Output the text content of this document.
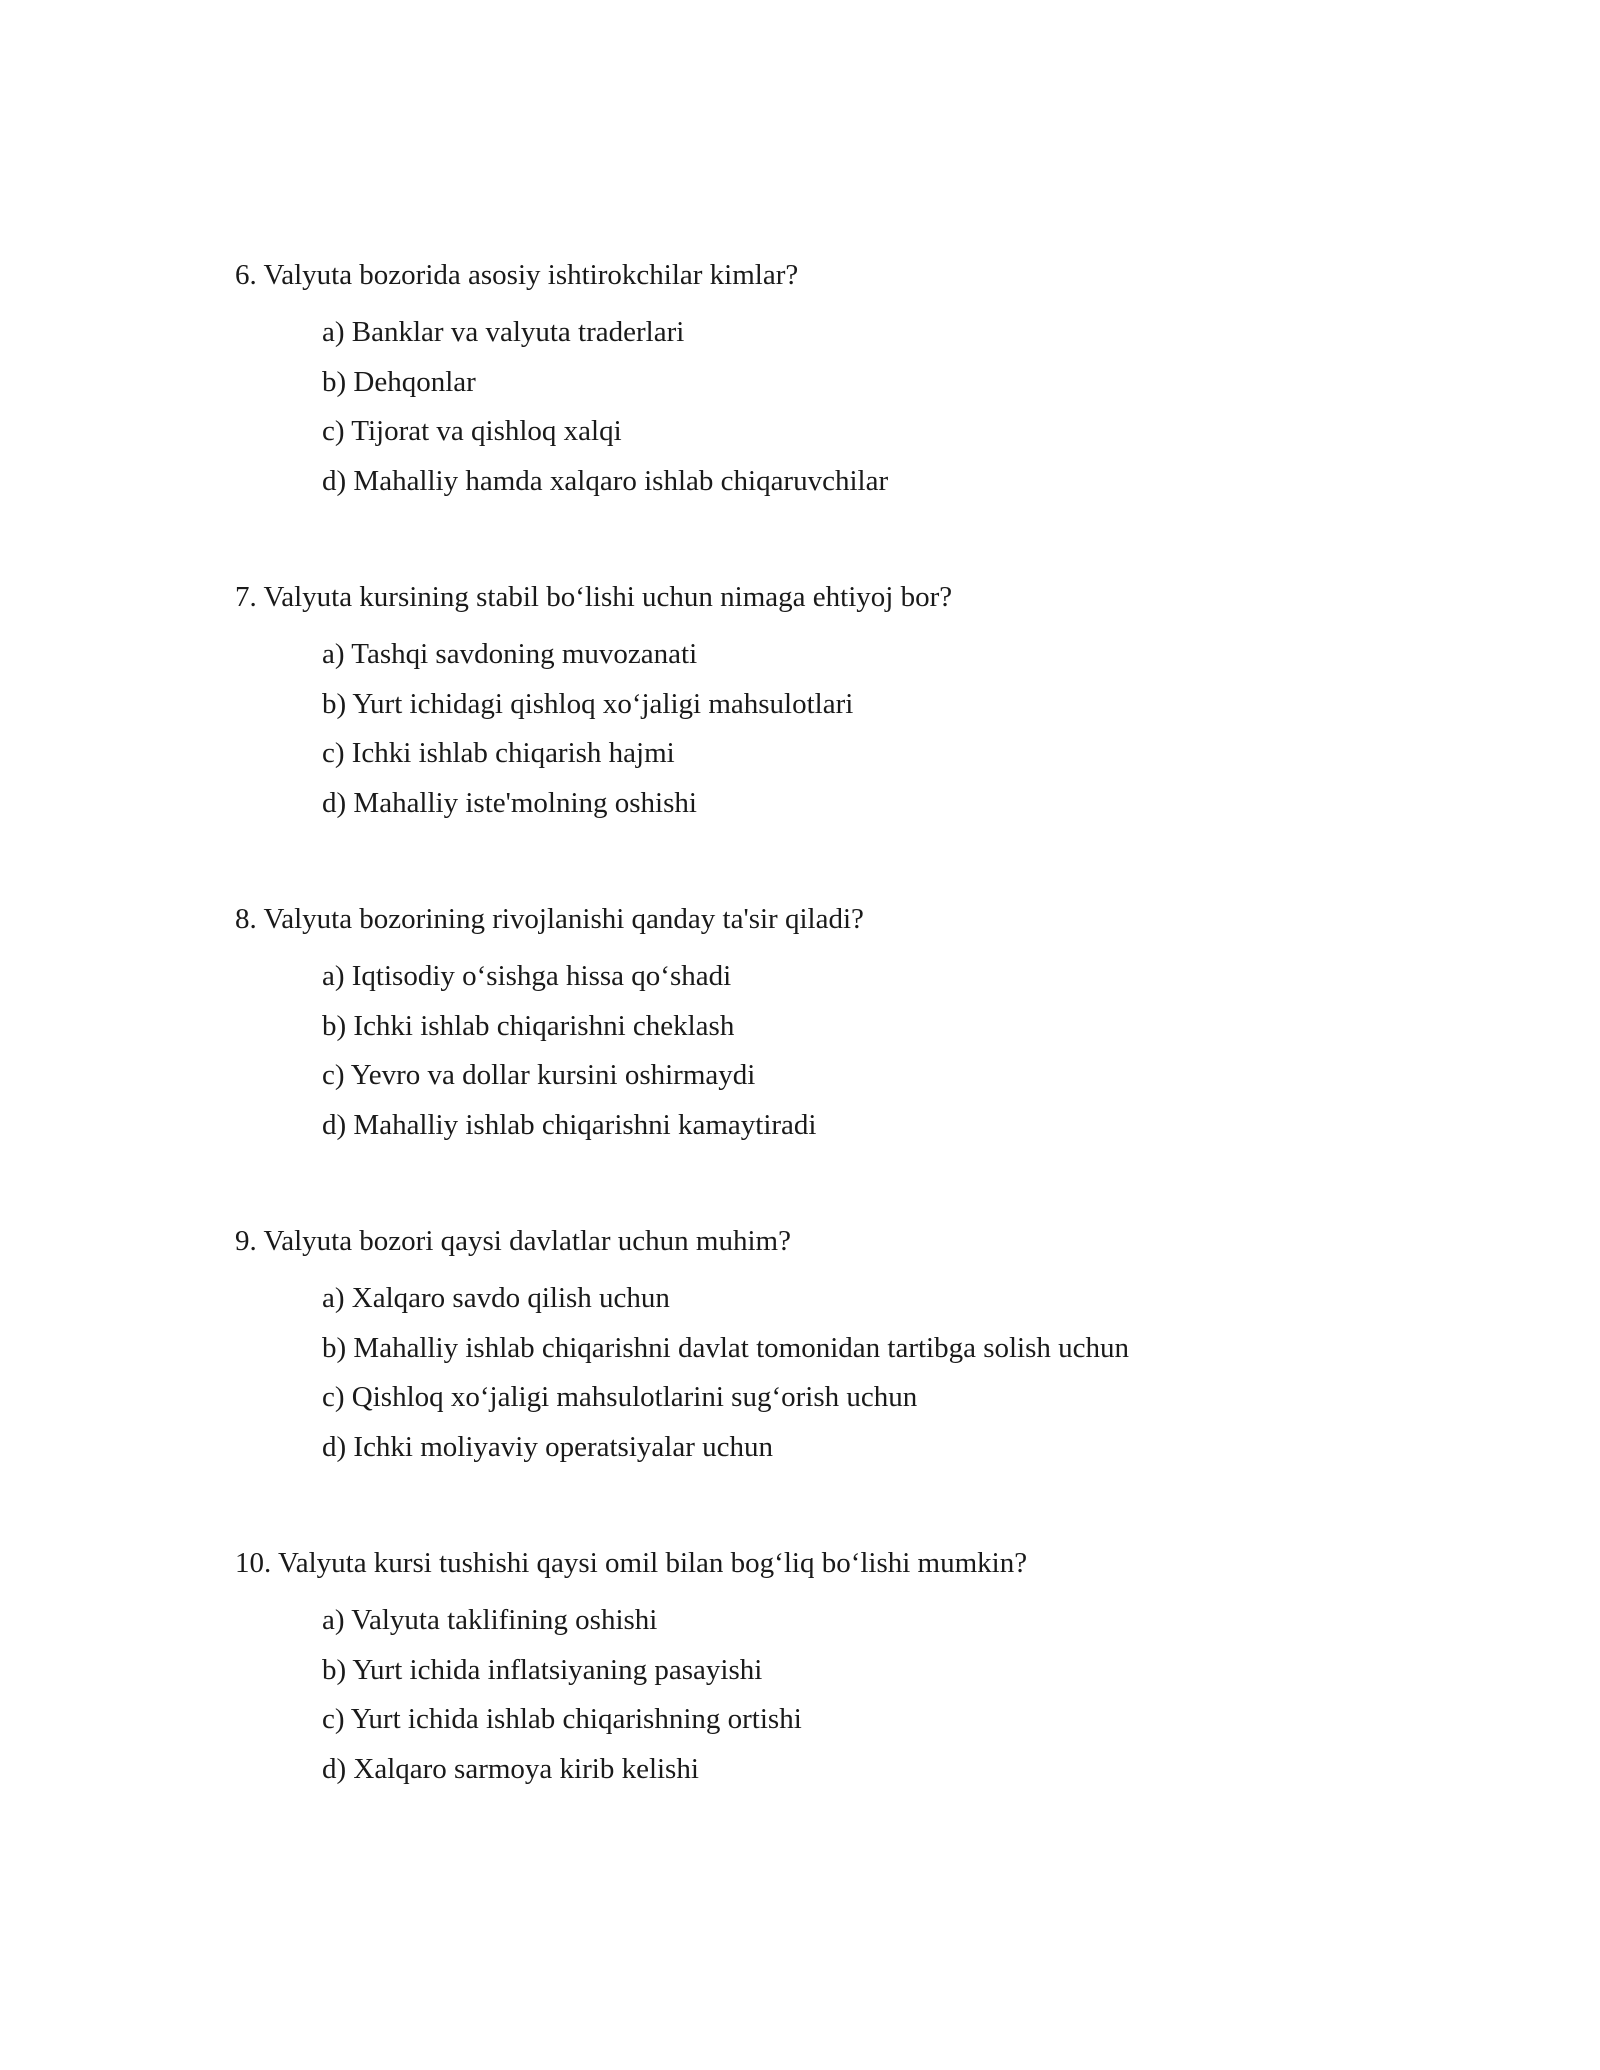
6. Valyuta bozorida asosiy ishtirokchilar kimlar?

a) Banklar va valyuta traderlari
b) Dehqonlar
c) Tijorat va qishloq xalqi
d) Mahalliy hamda xalqaro ishlab chiqaruvchilar

7. Valyuta kursining stabil bo‘lishi uchun nimaga ehtiyoj bor?

a) Tashqi savdoning muvozanati
b) Yurt ichidagi qishloq xo‘jaligi mahsulotlari
c) Ichki ishlab chiqarish hajmi
d) Mahalliy iste'molning oshishi

8. Valyuta bozorining rivojlanishi qanday ta'sir qiladi?

a) Iqtisodiy o‘sishga hissa qo‘shadi
b) Ichki ishlab chiqarishni cheklash
c) Yevro va dollar kursini oshirmaydi
d) Mahalliy ishlab chiqarishni kamaytiradi

9. Valyuta bozori qaysi davlatlar uchun muhim?

a) Xalqaro savdo qilish uchun
b) Mahalliy ishlab chiqarishni davlat tomonidan tartibga solish uchun
c) Qishloq xo‘jaligi mahsulotlarini sug‘orish uchun
d) Ichki moliyaviy operatsiyalar uchun

10. Valyuta kursi tushishi qaysi omil bilan bog‘liq bo‘lishi mumkin?

a) Valyuta taklifining oshishi
b) Yurt ichida inflatsiyaning pasayishi
c) Yurt ichida ishlab chiqarishning ortishi
d) Xalqaro sarmoya kirib kelishi
